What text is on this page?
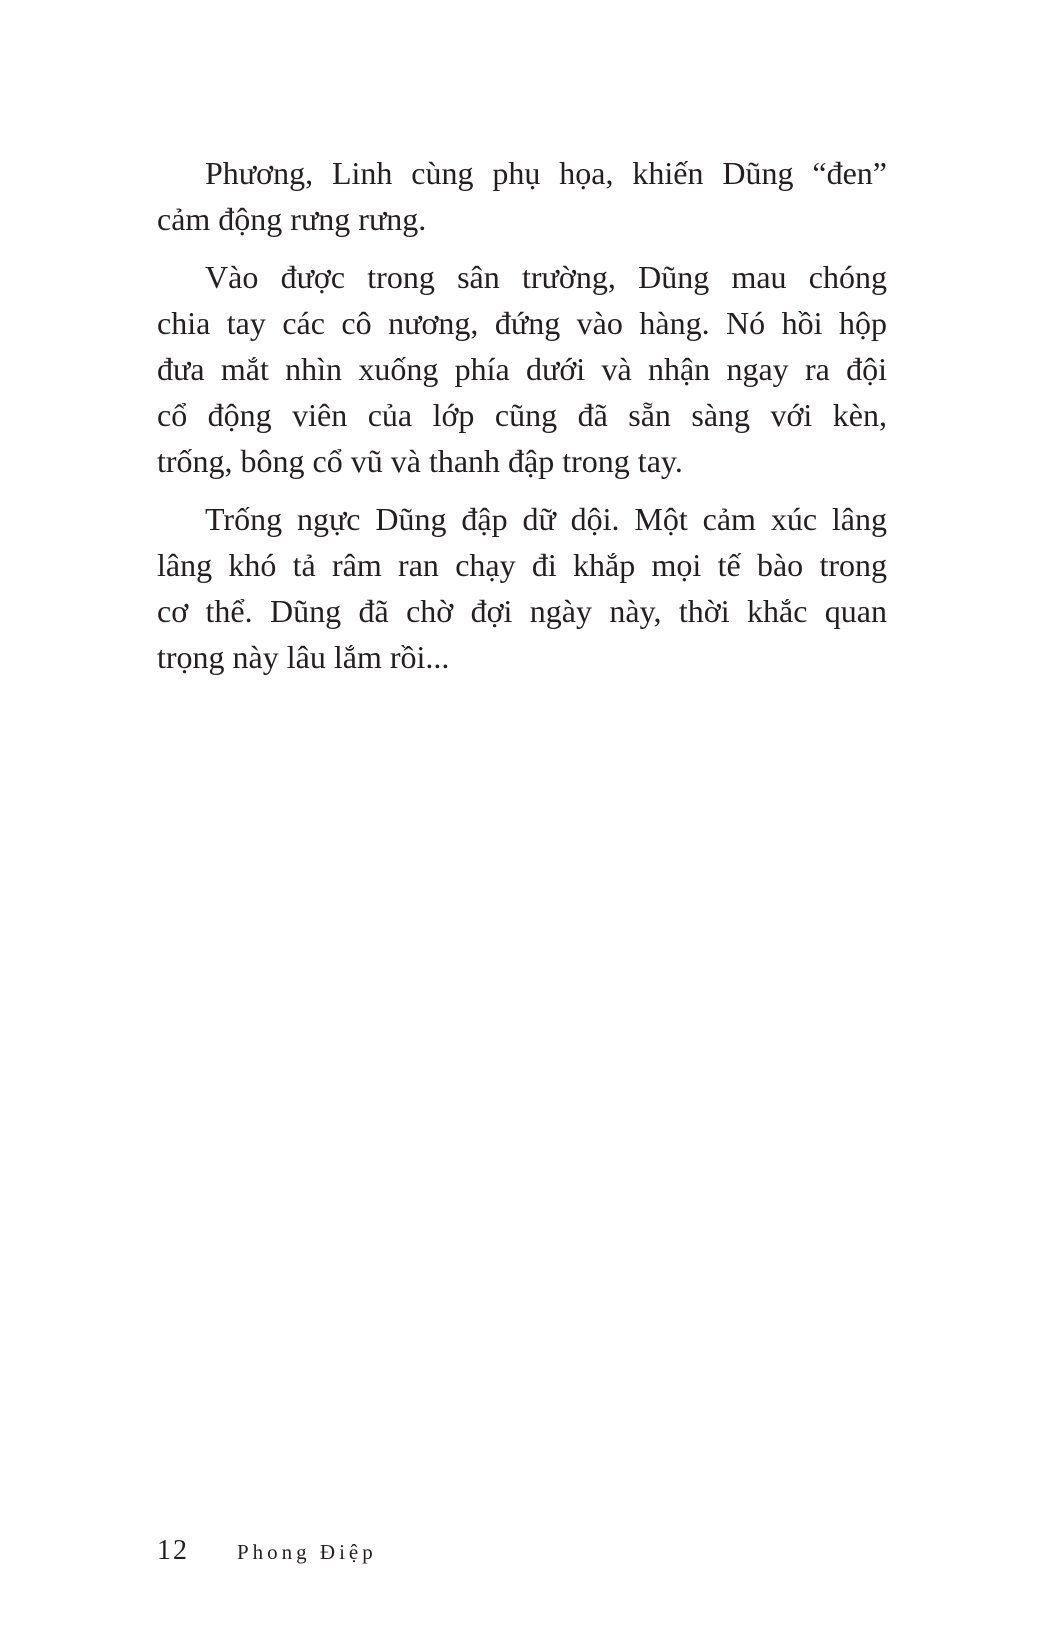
Phương, Linh cùng phụ họa, khiến Dũng “đen”
cảm động rưng rưng.
Vào được trong sân trường, Dũng mau chóng
chia tay các cô nương, đứng vào hàng. Nó hồi hộp
đưa mắt nhìn xuống phía dưới và nhận ngay ra đội
cổ động viên của lớp cũng đã sẵn sàng với kèn,
trống, bông cổ vũ và thanh đập trong tay.
Trống ngực Dũng đập dữ dội. Một cảm xúc lâng
lâng khó tả râm ran chạy đi khắp mọi tế bào trong
cơ thể. Dũng đã chờ đợi ngày này, thời khắc quan
trọng này lâu lắm rồi...
12 Phong Điệp
